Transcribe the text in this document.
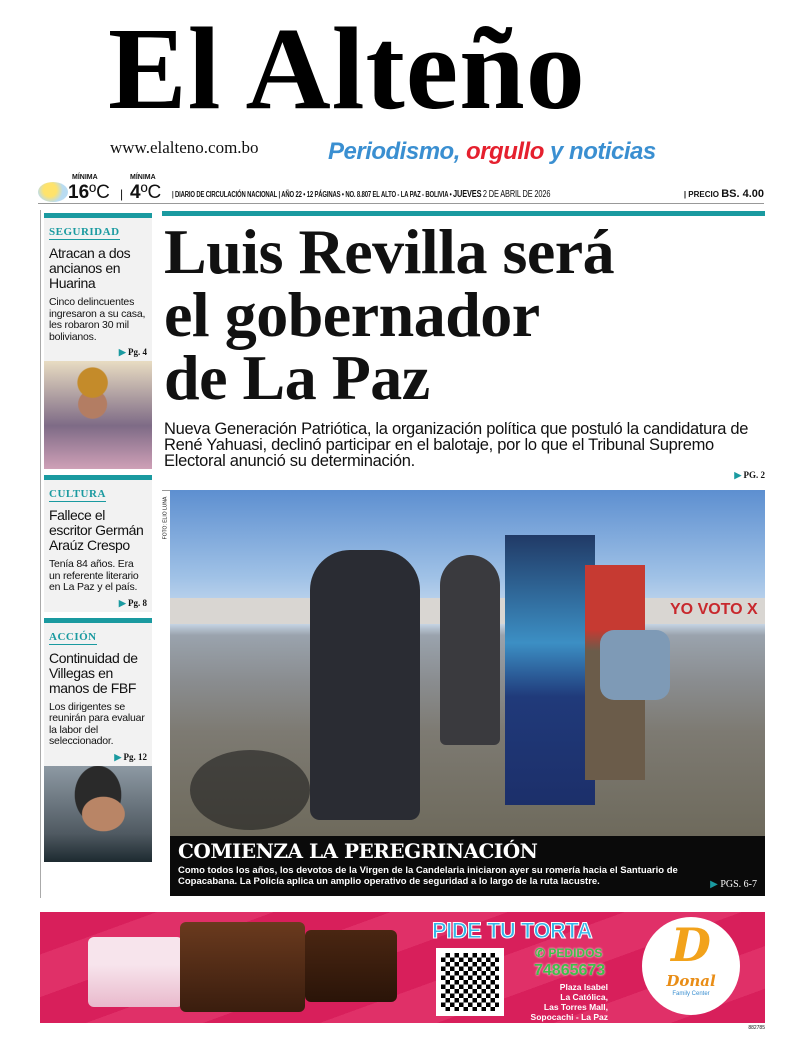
El Alteño
www.elalteno.com.bo	Periodismo, orgullo y noticias
MÍNIMA
16ºC |
MÍNIMA
4ºC | DIARIO DE CIRCULACIÓN NACIONAL | AÑO 22 • 12 PÁGINAS • NO. 8.807 EL ALTO - LA PAZ - BOLIVIA • JUEVES 2 DE ABRIL DE 2026	| PRECIO BS. 4.00
SEGURIDAD
Atracan a dos ancianos en Huarina
Cinco delincuentes ingresaron a su casa, les robaron 30 mil bolivianos.
▶ Pg. 4
CULTURA
Fallece el escritor Germán Araúz Crespo
Tenía 84 años. Era un referente literario en La Paz y el país.
▶ Pg. 8
ACCIÓN
Continuidad de Villegas en manos de FBF
Los dirigentes se reunirán para evaluar la labor del seleccionador.
▶ Pg. 12
Luis Revilla será
el gobernador
de La Paz
Nueva Generación Patriótica, la organización política que postuló la candidatura de René Yahuasi, declinó participar en el balotaje, por lo que el Tribunal Supremo Electoral anunció su determinación.
▶ PG. 2
FOTO: ELIO LUNA
YO VOTO X
COMIENZA LA PEREGRINACIÓN

Como todos los años, los devotos de la Virgen de la Candelaria iniciaron ayer su romería hacia el Santuario de Copacabana. La Policía aplica un amplio operativo de seguridad a lo largo de la ruta lacustre.	▶ PGS. 6-7
PIDE TU TORTA
✆ PEDIDOS
74865673
Plaza Isabel
La Católica,
Las Torres Mall,
Sopocachi - La Paz
D
Donal
Family Center
882785
